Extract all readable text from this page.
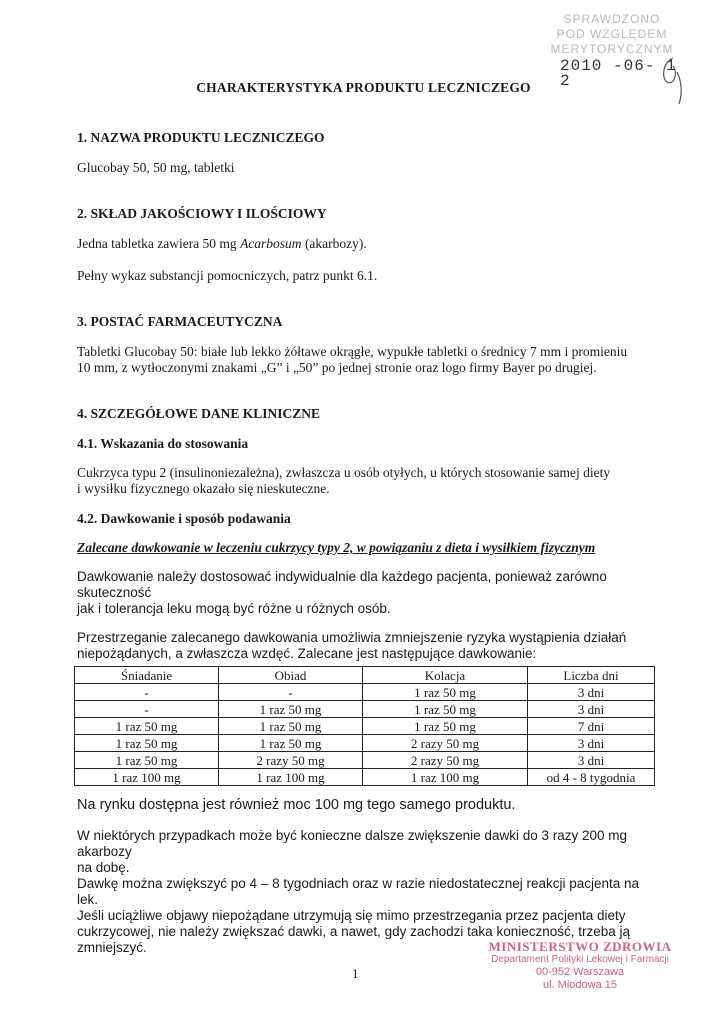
SPRAWDZONO
POD WZGLĘDEM
MERYTORYCZNYM
2010 -06- 1 2
CHARAKTERYSTYKA PRODUKTU LECZNICZEGO
1. NAZWA PRODUKTU LECZNICZEGO

Glucobay 50, 50 mg, tabletki

2. SKŁAD JAKOŚCIOWY I ILOŚCIOWY

Jedna tabletka zawiera 50 mg Acarbosum (akarbozy).

Pełny wykaz substancji pomocniczych, patrz punkt 6.1.

3. POSTAĆ FARMACEUTYCZNA

Tabletki Glucobay 50: białe lub lekko żółtawe okrągłe, wypukłe tabletki o średnicy 7 mm i promieniu

10 mm, z wytłoczonymi znakami „G” i „50” po jednej stronie oraz logo firmy Bayer po drugiej.

4. SZCZEGÓŁOWE DANE KLINICZNE
4.1. Wskazania do stosowania

Cukrzyca typu 2 (insulinoniezależna), zwłaszcza u osób otyłych, u których stosowanie samej diety

i wysiłku fizycznego okazało się nieskuteczne.

4.2. Dawkowanie i sposób podawania

Zalecane dawkowanie w leczeniu cukrzycy typy 2, w powiązaniu z dieta i wysiłkiem fizycznym

Dawkowanie należy dostosować indywidualnie dla każdego pacjenta, ponieważ zarówno skuteczność

jak i tolerancja leku mogą być różne u różnych osób.

Przestrzeganie zalecanego dawkowania umożliwia zmniejszenie ryzyka wystąpienia działań

niepożądanych, a zwłaszcza wzdęć. Zalecane jest następujące dawkowanie:

Śniadanie	Obiad	Kolacja	Liczba dni
-	-	1 raz 50 mg	3 dni
-	1 raz 50 mg	1 raz 50 mg	3 dni
1 raz 50 mg	1 raz 50 mg	1 raz 50 mg	7 dni
1 raz 50 mg	1 raz 50 mg	2 razy 50 mg	3 dni
1 raz 50 mg	2 razy 50 mg	2 razy 50 mg	3 dni
1 raz 100 mg	1 raz 100 mg	1 raz 100 mg	od 4 - 8 tygodnia
Na rynku dostępna jest również moc 100 mg tego samego produktu.

W niektórych przypadkach może być konieczne dalsze zwiększenie dawki do 3 razy 200 mg akarbozy

na dobę.

Dawkę można zwiększyć po 4 – 8 tygodniach oraz w razie niedostatecznej reakcji pacjenta na lek.

Jeśli uciążliwe objawy niepożądane utrzymują się mimo przestrzegania przez pacjenta diety

cukrzycowej, nie należy zwiększać dawki, a nawet, gdy zachodzi taka konieczność, trzeba ją

zmniejszyć.

1
MINISTERSTWO ZDROWIA
Departament Polityki Lekowej i Farmacji
00-952 Warszawa
ul. Miodowa 15
